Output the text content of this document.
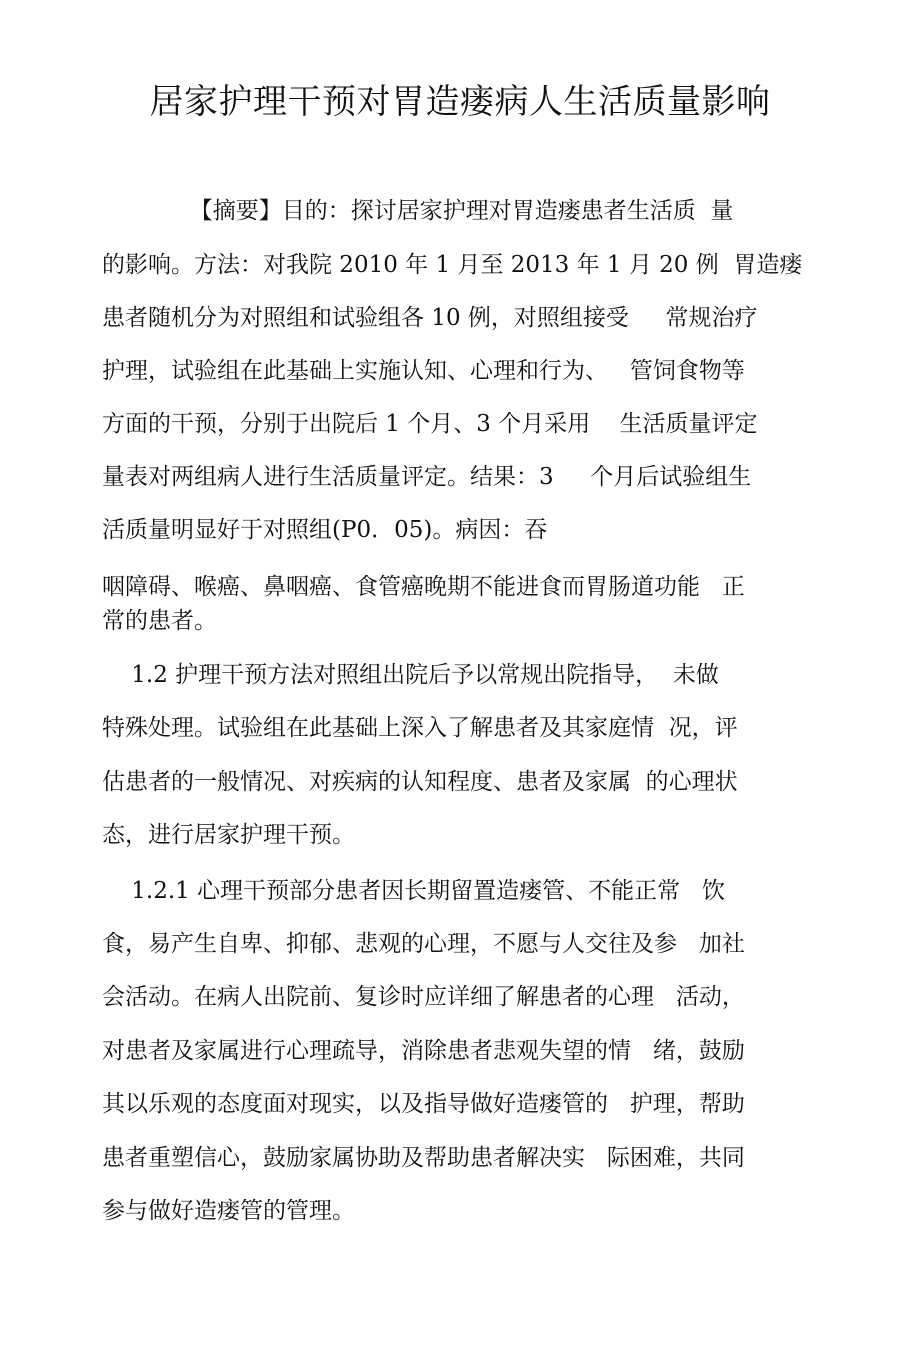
居家护理干预对胃造瘘病人生活质量影响

【摘要】目的：探讨居家护理对胃造瘘患者生活质  量

的影响。方法：对我院 2010 年 1 月至 2013 年 1 月 20 例  胃造瘘

患者随机分为对照组和试验组各 10 例，对照组接受     常规治疗

护理，试验组在此基础上实施认知、心理和行为、   管饲食物等

方面的干预，分别于出院后 1 个月、3 个月采用    生活质量评定

量表对两组病人进行生活质量评定。结果：3     个月后试验组生

活质量明显好于对照组(P0．05)。病因：吞

咽障碍、喉癌、鼻咽癌、食管癌晚期不能进食而胃肠道功能   正

常的患者。

1.2 护理干预方法对照组出院后予以常规出院指导，  未做

特殊处理。试验组在此基础上深入了解患者及其家庭情  况，评

估患者的一般情况、对疾病的认知程度、患者及家属  的心理状

态，进行居家护理干预。

1.2.1 心理干预部分患者因长期留置造瘘管、不能正常   饮

食，易产生自卑、抑郁、悲观的心理，不愿与人交往及参   加社

会活动。在病人出院前、复诊时应详细了解患者的心理   活动，

对患者及家属进行心理疏导，消除患者悲观失望的情   绪，鼓励

其以乐观的态度面对现实，以及指导做好造瘘管的   护理，帮助

患者重塑信心，鼓励家属协助及帮助患者解决实   际困难，共同

参与做好造瘘管的管理。
